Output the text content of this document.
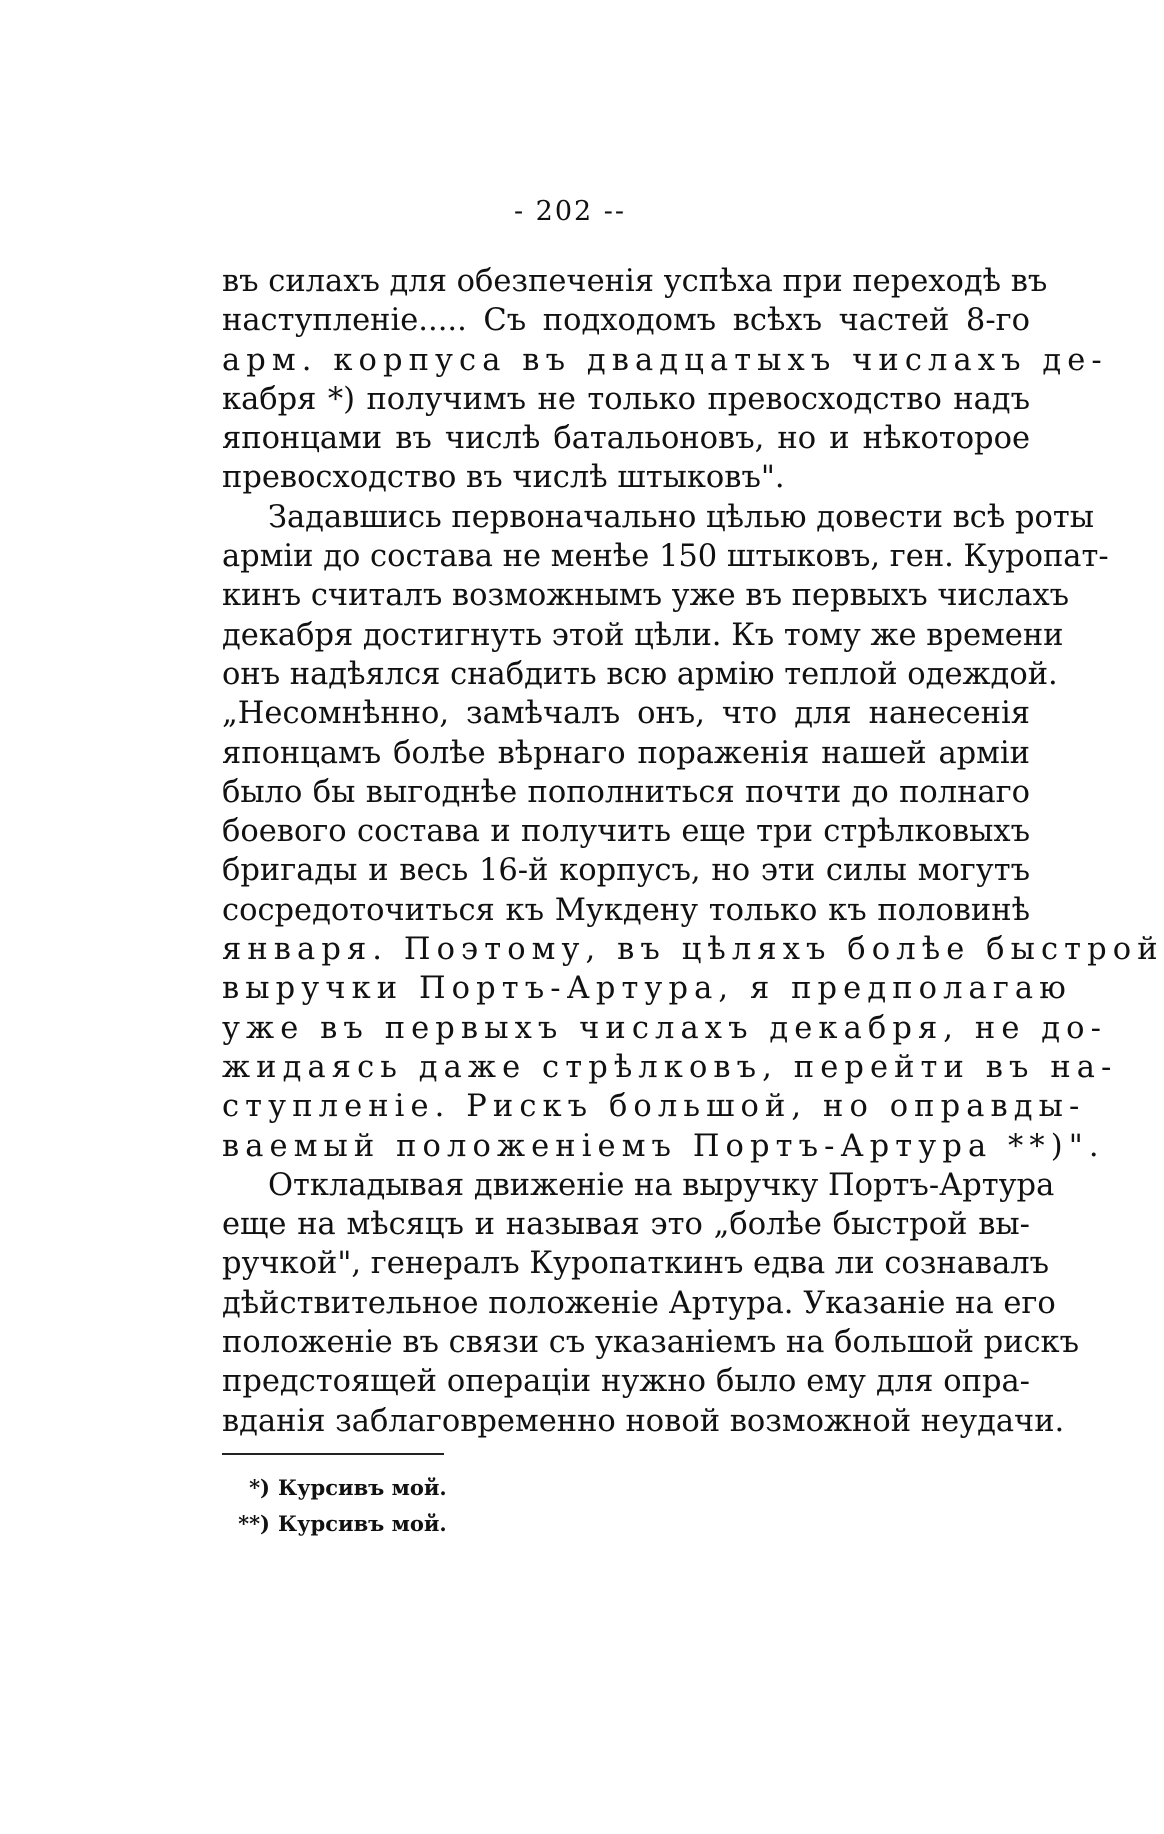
- 202 --
въ силахъ для обезпеченія успѣха при переходѣ въ
наступленіе..... Съ подходомъ всѣхъ частей 8-го
арм. корпуса въ двадцатыхъ числахъ де-
кабря *) получимъ не только превосходство надъ
японцами въ числѣ батальоновъ, но и нѣкоторое
превосходство въ числѣ штыковъ".
Задавшись первоначально цѣлью довести всѣ роты
арміи до состава не менѣе 150 штыковъ, ген. Куропат-
кинъ считалъ возможнымъ уже въ первыхъ числахъ
декабря достигнуть этой цѣли. Къ тому же времени
онъ надѣялся снабдить всю армію теплой одеждой.
„Несомнѣнно, замѣчалъ онъ, что для нанесенія
японцамъ болѣе вѣрнаго пораженія нашей арміи
было бы выгоднѣе пополниться почти до полнаго
боевого состава и получить еще три стрѣлковыхъ
бригады и весь 16-й корпусъ, но эти силы могутъ
сосредоточиться къ Мукдену только къ половинѣ
января. Поэтому, въ цѣляхъ болѣе быстрой
выручки Портъ-Артура, я предполагаю
уже въ первыхъ числахъ декабря, не до-
жидаясь даже стрѣлковъ, перейти въ на-
ступленіе. Рискъ большой, но оправды-
ваемый положеніемъ Портъ-Артура **)".
Откладывая движеніе на выручку Портъ-Артура
еще на мѣсяцъ и называя это „болѣе быстрой вы-
ручкой", генералъ Куропаткинъ едва ли сознавалъ
дѣйствительное положеніе Артура. Указаніе на его
положеніе въ связи съ указаніемъ на большой рискъ
предстоящей операціи нужно было ему для опра-
вданія заблаговременно новой возможной неудачи.
*) Курсивъ мой.
**) Курсивъ мой.
